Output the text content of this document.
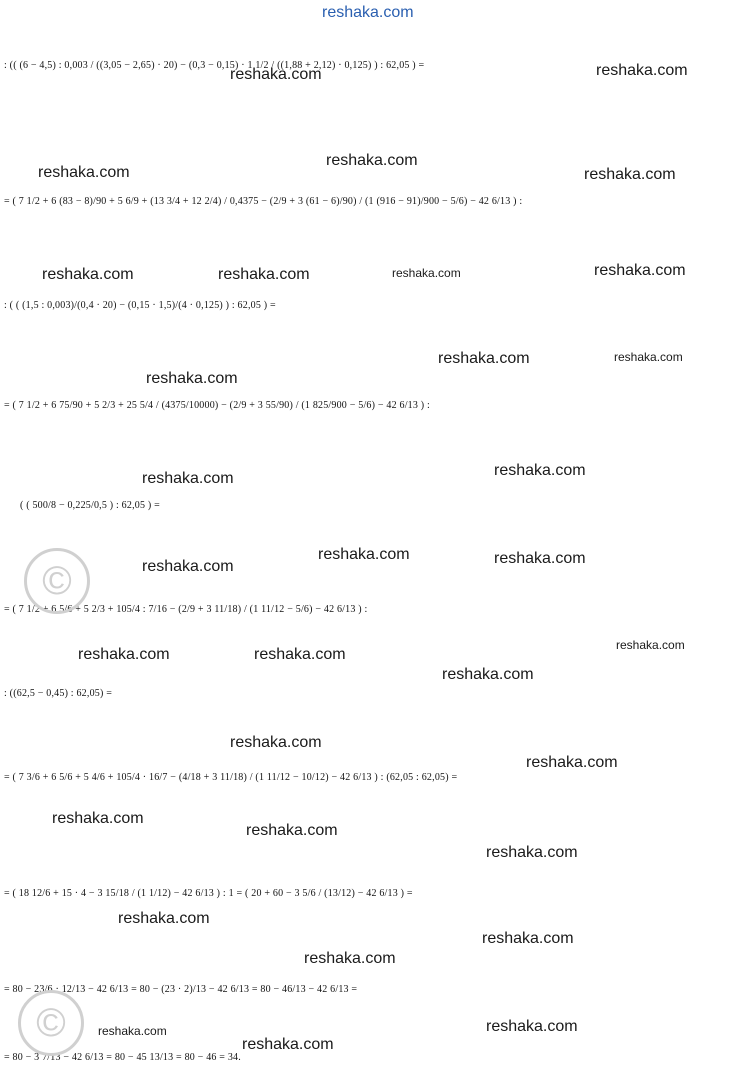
: (( (6 − 4,5) : 0,003 / ((3,05 − 2,65) · 20) − (0,3 − 0,15) · 1 1/2 / ((1,88 + 2,12) · 0,125) ) : 62,05 ) =
= ( 7 1/2 + 6 (83 − 8)/90 + 5 6/9 + (13 3/4 + 12 2/4) / 0,4375 − (2/9 + 3 (61 − 6)/90) / (1 (916 − 91)/900 − 5/6) − 42 6/13 ) :
: ( ( (1,5 : 0,003)/(0,4 · 20) − (0,15 · 1,5)/(4 · 0,125) ) : 62,05 ) =
= ( 7 1/2 + 6 75/90 + 5 2/3 + 25 5/4 / (4375/10000) − (2/9 + 3 55/90) / (1 825/900 − 5/6) − 42 6/13 ) :
( ( 500/8 − 0,225/0,5 ) : 62,05 ) =
= ( 7 1/2 + 6 5/6 + 5 2/3 + 105/4 : 7/16 − (2/9 + 3 11/18) / (1 11/12 − 5/6) − 42 6/13 ) :
: ((62,5 − 0,45) : 62,05) =
= ( 7 3/6 + 6 5/6 + 5 4/6 + 105/4 · 16/7 − (4/18 + 3 11/18) / (1 11/12 − 10/12) − 42 6/13 ) : (62,05 : 62,05) =
= ( 18 12/6 + 15 · 4 − 3 15/18 / (1 1/12) − 42 6/13 ) : 1 = ( 20 + 60 − 3 5/6 / (13/12) − 42 6/13 ) =
= 80 − 23/6 · 12/13 − 42 6/13 = 80 − (23 · 2)/13 − 42 6/13 = 80 − 46/13 − 42 6/13 =
= 80 − 3 7/13 − 42 6/13 = 80 − 45 13/13 = 80 − 46 = 34.
reshaka.com
reshaka.com	reshaka.com
reshaka.com
reshaka.com
reshaka.com
reshaka.com	reshaka.com	reshaka.com	reshaka.com
reshaka.com	reshaka.com
reshaka.com
reshaka.com
reshaka.com
reshaka.com	reshaka.com
reshaka.com
reshaka.com
reshaka.com	reshaka.com
reshaka.com
reshaka.com
reshaka.com
reshaka.com
reshaka.com
reshaka.com
reshaka.com
reshaka.com
reshaka.com
reshaka.com
reshaka.com
reshaka.com
©
©
